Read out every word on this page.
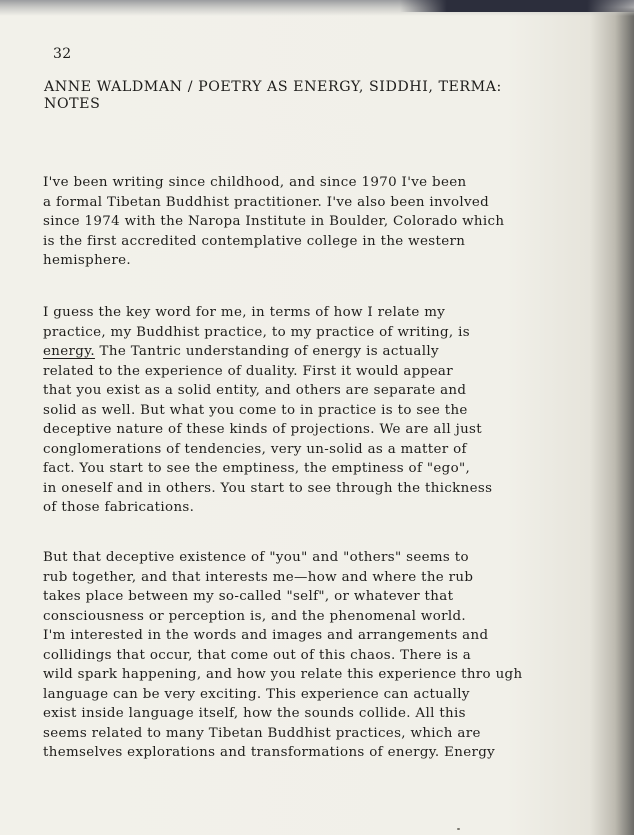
32
ANNE WALDMAN / POETRY AS ENERGY, SIDDHI, TERMA:
NOTES
I've been writing since childhood, and since 1970 I've been
a formal Tibetan Buddhist practitioner. I've also been involved
since 1974 with the Naropa Institute in Boulder, Colorado which
is the first accredited contemplative college in the western
hemisphere.
I guess the key word for me, in terms of how I relate my
practice, my Buddhist practice, to my practice of writing, is
energy. The Tantric understanding of energy is actually
related to the experience of duality. First it would appear
that you exist as a solid entity, and others are separate and
solid as well. But what you come to in practice is to see the
deceptive nature of these kinds of projections. We are all just
conglomerations of tendencies, very un-solid as a matter of
fact. You start to see the emptiness, the emptiness of "ego",
in oneself and in others. You start to see through the thickness
of those fabrications.
But that deceptive existence of "you" and "others" seems to
rub together, and that interests me—how and where the rub
takes place between my so-called "self", or whatever that
consciousness or perception is, and the phenomenal world.
I'm interested in the words and images and arrangements and
collidings that occur, that come out of this chaos. There is a
wild spark happening, and how you relate this experience thro ugh
language can be very exciting. This experience can actually
exist inside language itself, how the sounds collide. All this
seems related to many Tibetan Buddhist practices, which are
themselves explorations and transformations of energy. Energy
